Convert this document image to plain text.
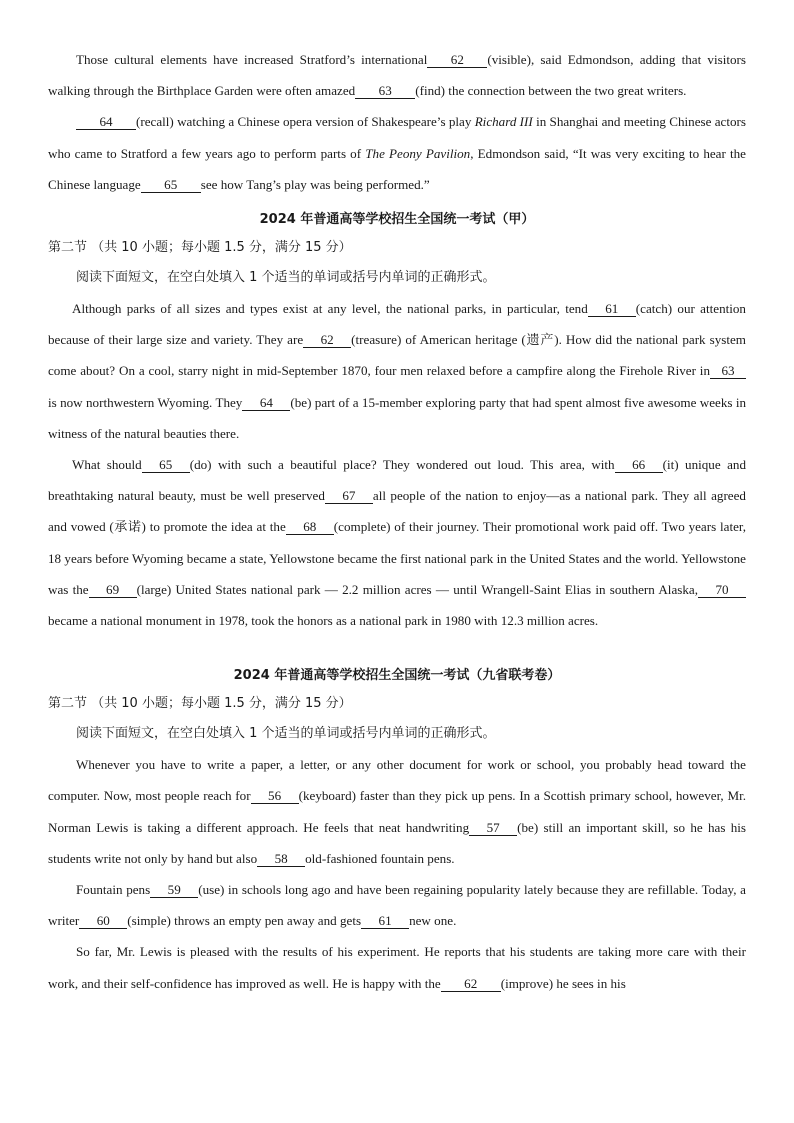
Those cultural elements have increased Stratford’s international 62 (visible), said Edmondson, adding that visitors walking through the Birthplace Garden were often amazed 63 (find) the connection between the two great writers.

64 (recall) watching a Chinese opera version of Shakespeare’s play Richard III in Shanghai and meeting Chinese actors who came to Stratford a few years ago to perform parts of The Peony Pavilion, Edmondson said, “It was very exciting to hear the Chinese language 65 see how Tang’s play was being performed.”

2024 年普通高等学校招生全国统一考试（甲）

第二节 （共 10 小题；每小题 1.5 分，满分 15 分）

阅读下面短文，在空白处填入 1 个适当的单词或括号内单词的正确形式。

Although parks of all sizes and types exist at any level, the national parks, in particular, tend 61 (catch) our attention because of their large size and variety. They are 62 (treasure) of American heritage (遗产). How did the national park system come about? On a cool, starry night in mid-September 1870, four men relaxed before a campfire along the Firehole River in 63 is now northwestern Wyoming. They 64 (be) part of a 15-member exploring party that had spent almost five awesome weeks in witness of the natural beauties there.

What should 65 (do) with such a beautiful place? They wondered out loud. This area, with 66 (it) unique and breathtaking natural beauty, must be well preserved 67 all people of the nation to enjoy—as a national park. They all agreed and vowed (承诺) to promote the idea at the 68 (complete) of their journey. Their promotional work paid off. Two years later, 18 years before Wyoming became a state, Yellowstone became the first national park in the United States and the world. Yellowstone was the 69 (large) United States national park — 2.2 million acres — until Wrangell-Saint Elias in southern Alaska, 70 became a national monument in 1978, took the honors as a national park in 1980 with 12.3 million acres.

2024 年普通高等学校招生全国统一考试（九省联考卷）

第二节 （共 10 小题；每小题 1.5 分，满分 15 分）

阅读下面短文，在空白处填入 1 个适当的单词或括号内单词的正确形式。

Whenever you have to write a paper, a letter, or any other document for work or school, you probably head toward the computer. Now, most people reach for 56 (keyboard) faster than they pick up pens. In a Scottish primary school, however, Mr. Norman Lewis is taking a different approach. He feels that neat handwriting 57 (be) still an important skill, so he has his students write not only by hand but also 58 old-fashioned fountain pens.

Fountain pens 59 (use) in schools long ago and have been regaining popularity lately because they are refillable. Today, a writer 60 (simple) throws an empty pen away and gets 61 new one.

So far, Mr. Lewis is pleased with the results of his experiment. He reports that his students are taking more care with their work, and their self-confidence has improved as well. He is happy with the 62 (improve) he sees in his
